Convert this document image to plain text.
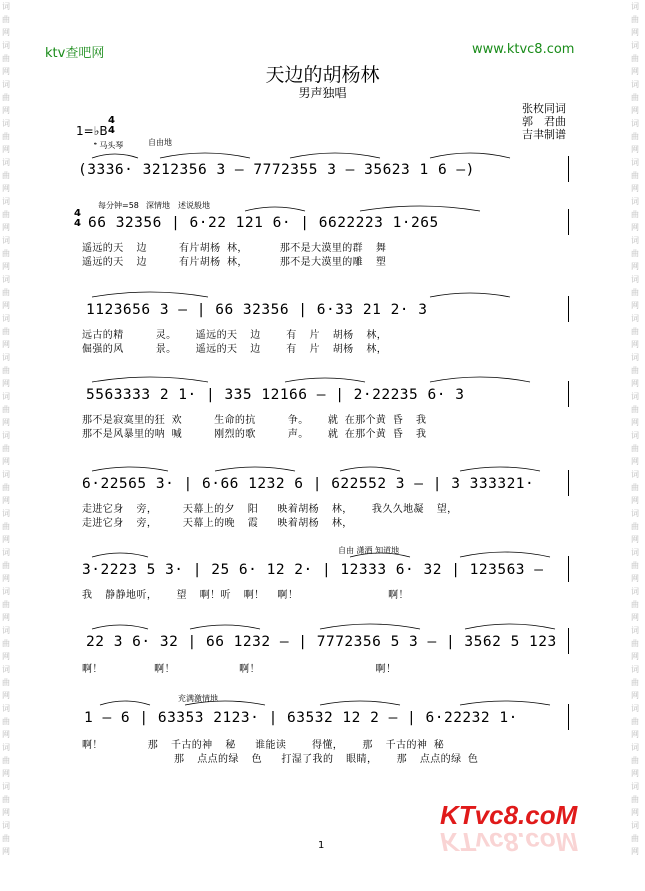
词曲网词曲网词曲网词曲网词曲网词曲网词曲网词曲网词曲网词曲网词曲网词曲网词曲网词曲网词曲网词曲网词曲网词曲网词曲网词曲网词曲网词曲网
词曲网词曲网词曲网词曲网词曲网词曲网词曲网词曲网词曲网词曲网词曲网词曲网词曲网词曲网词曲网词曲网词曲网词曲网词曲网词曲网词曲网词曲网
ktv查吧网	www.ktvc8.com
天边的胡杨林
男声独唱
张枚同词
郭　君曲
吉聿制谱
1=♭B
4
4
𝄌 马头琴	自由地
每分钟=58 深情地 述说般地
自由 潇洒 知道地
充满激情地
(3336· 3212356 3 — 7772355 3 — 35623 1 6 —)
4
4 66 32356 | 6·22 121 6· | 6622223 1·265
遥远的天  边     有片胡杨 林，     那不是大漠里的群  舞
遥远的天  边     有片胡杨 林，     那不是大漠里的雕  塑
1123656 3 — | 66 32356 | 6·33 21 2· 3
远古的精     灵。   遥远的天  边    有  片  胡杨  林，
倔强的风     景。   遥远的天  边    有  片  胡杨  林，
5563333 2 1· | 335 12166 — | 2·22235 6· 3
那不是寂寞里的狂 欢     生命的抗     争。   就 在那个黄 昏  我
那不是风暴里的呐 喊     刚烈的歌     声。   就 在那个黄 昏  我
6·22565 3· | 6·66 1232 6 | 622552 3 — | 3 333321·
走进它身  旁，    天幕上的夕  阳   映着胡杨  林，   我久久地凝  望，
走进它身  旁，    天幕上的晚  霞   映着胡杨  林，
3·2223 5 3· | 25 6· 12 2· | 12333 6· 32 | 123563 —
我  静静地听，   望  啊！听  啊！  啊！              啊！
22 3 6· 32 | 66 1232 — | 7772356 5 3 — | 3562 5 123
啊！        啊！          啊！                  啊！
1 — 6 | 63353 2123· | 63532 12 2 — | 6·22232 1·
啊！       那  千古的神  秘   谁能读    得懂，   那  千古的神 秘
那  点点的绿  色   打湿了我的  眼睛，   那  点点的绿 色
1
KTvc8.coM
KTvc8.coM
